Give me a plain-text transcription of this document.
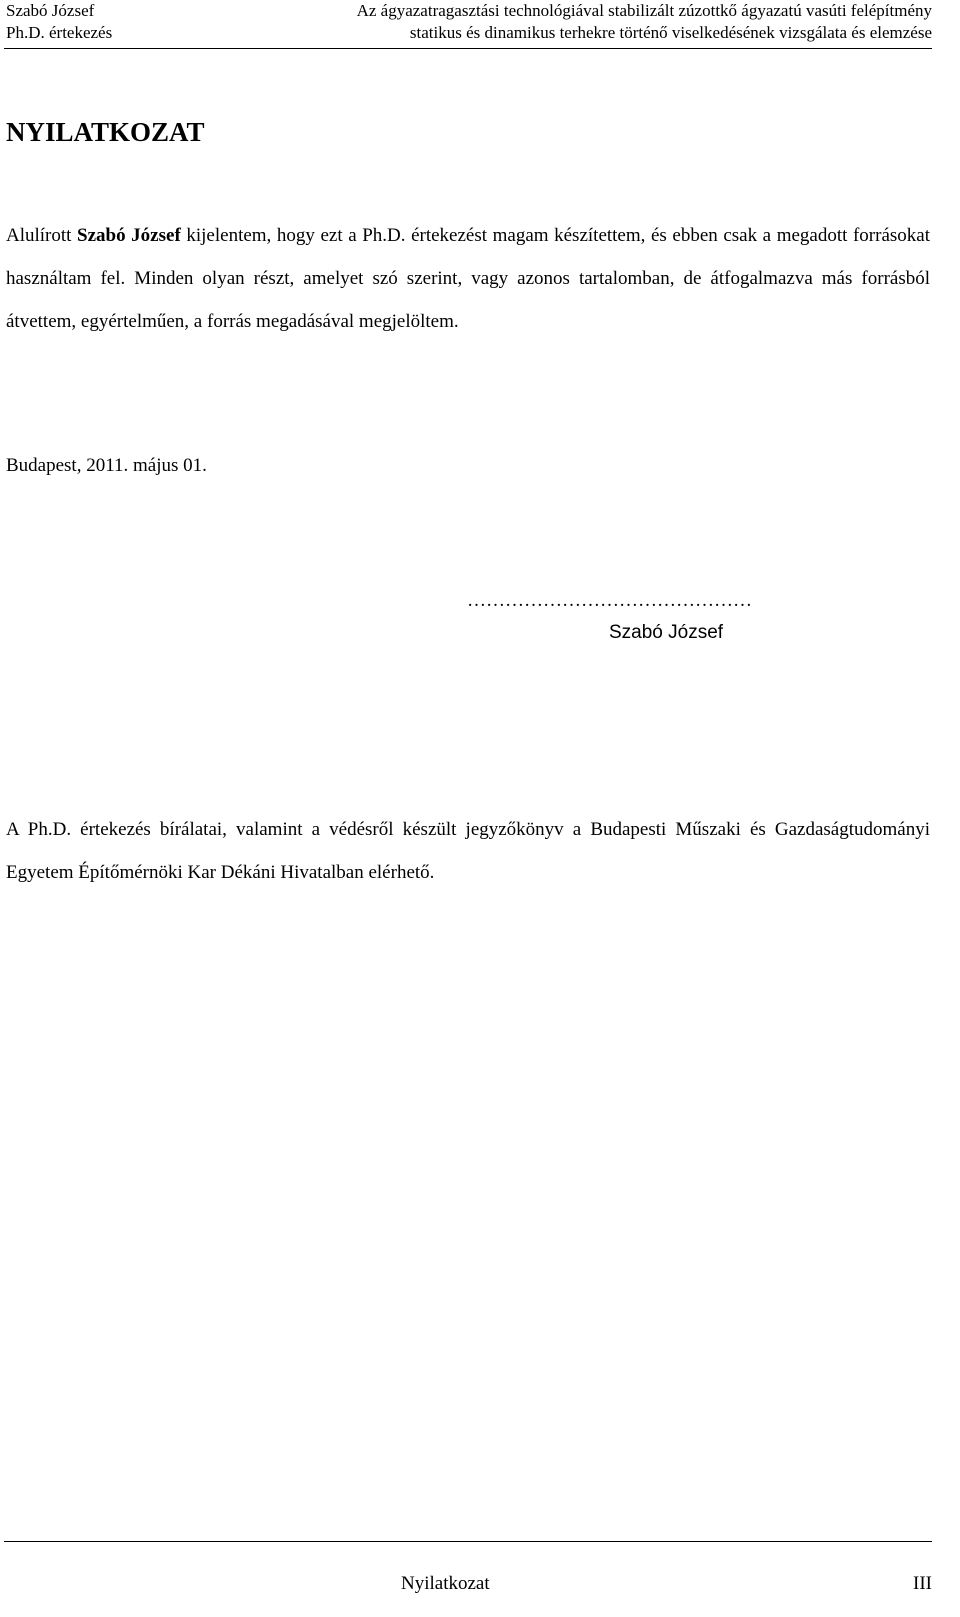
Szabó József
Ph.D. értekezés
Az ágyazatragasztási technológiával stabilizált zúzottkő ágyazatú vasúti felépítmény
statikus és dinamikus terhekre történő viselkedésének vizsgálata és elemzése
NYILATKOZAT

Alulírott Szabó József kijelentem, hogy ezt a Ph.D. értekezést magam készítettem, és ebben csak a megadott forrásokat használtam fel. Minden olyan részt, amelyet szó szerint, vagy azonos tartalomban, de átfogalmazva más forrásból átvettem, egyértelműen, a forrás megadásával megjelöltem.

Budapest, 2011. május 01.
………………………………………
Szabó József

A Ph.D. értekezés bírálatai, valamint a védésről készült jegyzőkönyv a Budapesti Műszaki és Gazdaságtudományi Egyetem Építőmérnöki Kar Dékáni Hivatalban elérhető.

Nyilatkozat	III
